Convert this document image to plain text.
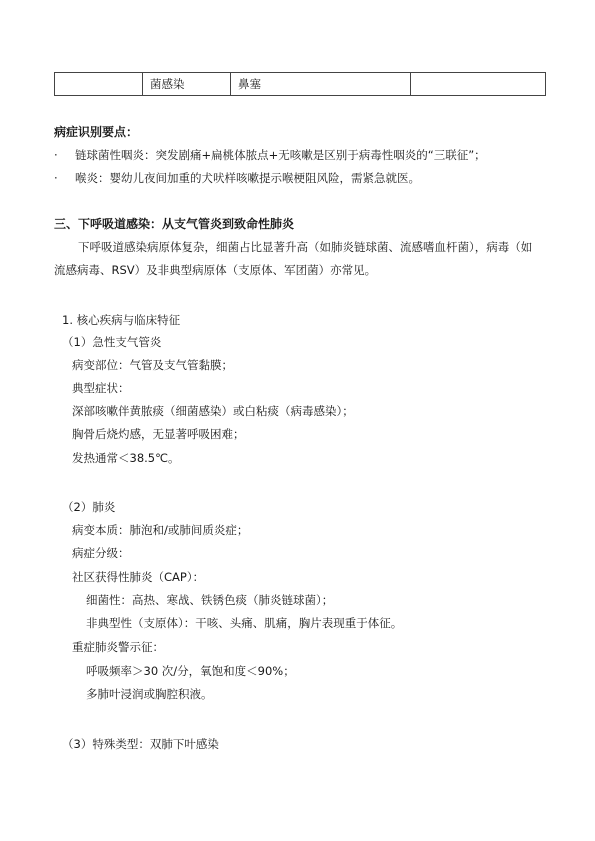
	菌感染	鼻塞	
病症识别要点：
· 链球菌性咽炎：突发剧痛+扁桃体脓点+无咳嗽是区别于病毒性咽炎的“三联征”；
· 喉炎：婴幼儿夜间加重的犬吠样咳嗽提示喉梗阻风险，需紧急就医。
三、下呼吸道感染：从支气管炎到致命性肺炎
下呼吸道感染病原体复杂，细菌占比显著升高（如肺炎链球菌、流感嗜血杆菌），病毒（如
流感病毒、RSV）及非典型病原体（支原体、军团菌）亦常见。
1. 核心疾病与临床特征
（1）急性支气管炎
病变部位：气管及支气管黏膜；
典型症状：
深部咳嗽伴黄脓痰（细菌感染）或白粘痰（病毒感染）；
胸骨后烧灼感，无显著呼吸困难；
发热通常＜38.5℃。
（2）肺炎
病变本质：肺泡和/或肺间质炎症；
病症分级：
社区获得性肺炎（CAP）：
细菌性：高热、寒战、铁锈色痰（肺炎链球菌）；
非典型性（支原体）：干咳、头痛、肌痛，胸片表现重于体征。
重症肺炎警示征：
呼吸频率＞30 次/分，氧饱和度＜90%；
多肺叶浸润或胸腔积液。
（3）特殊类型：双肺下叶感染
